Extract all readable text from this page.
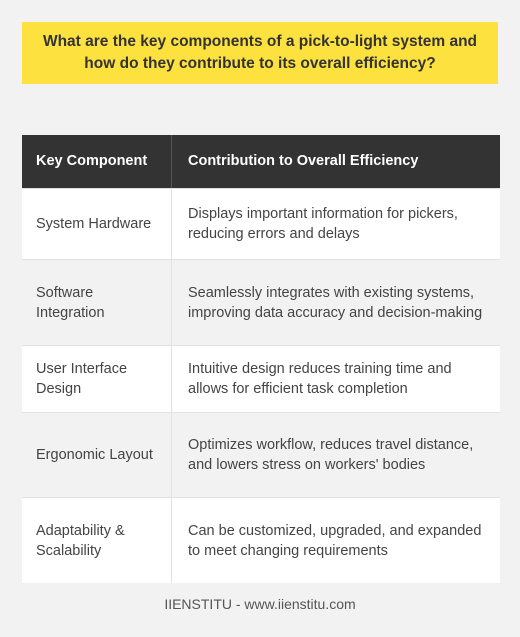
What are the key components of a pick-to-light system and how do they contribute to its overall efficiency?
Key Component	Contribution to Overall Efficiency
System Hardware
Displays important information for pickers, reducing errors and delays
Software Integration
Seamlessly integrates with existing systems, improving data accuracy and decision-making
User Interface Design
Intuitive design reduces training time and allows for efficient task completion
Ergonomic Layout
Optimizes workflow, reduces travel distance, and lowers stress on workers' bodies
Adaptability & Scalability
Can be customized, upgraded, and expanded to meet changing requirements
IIENSTITU - www.iienstitu.com
